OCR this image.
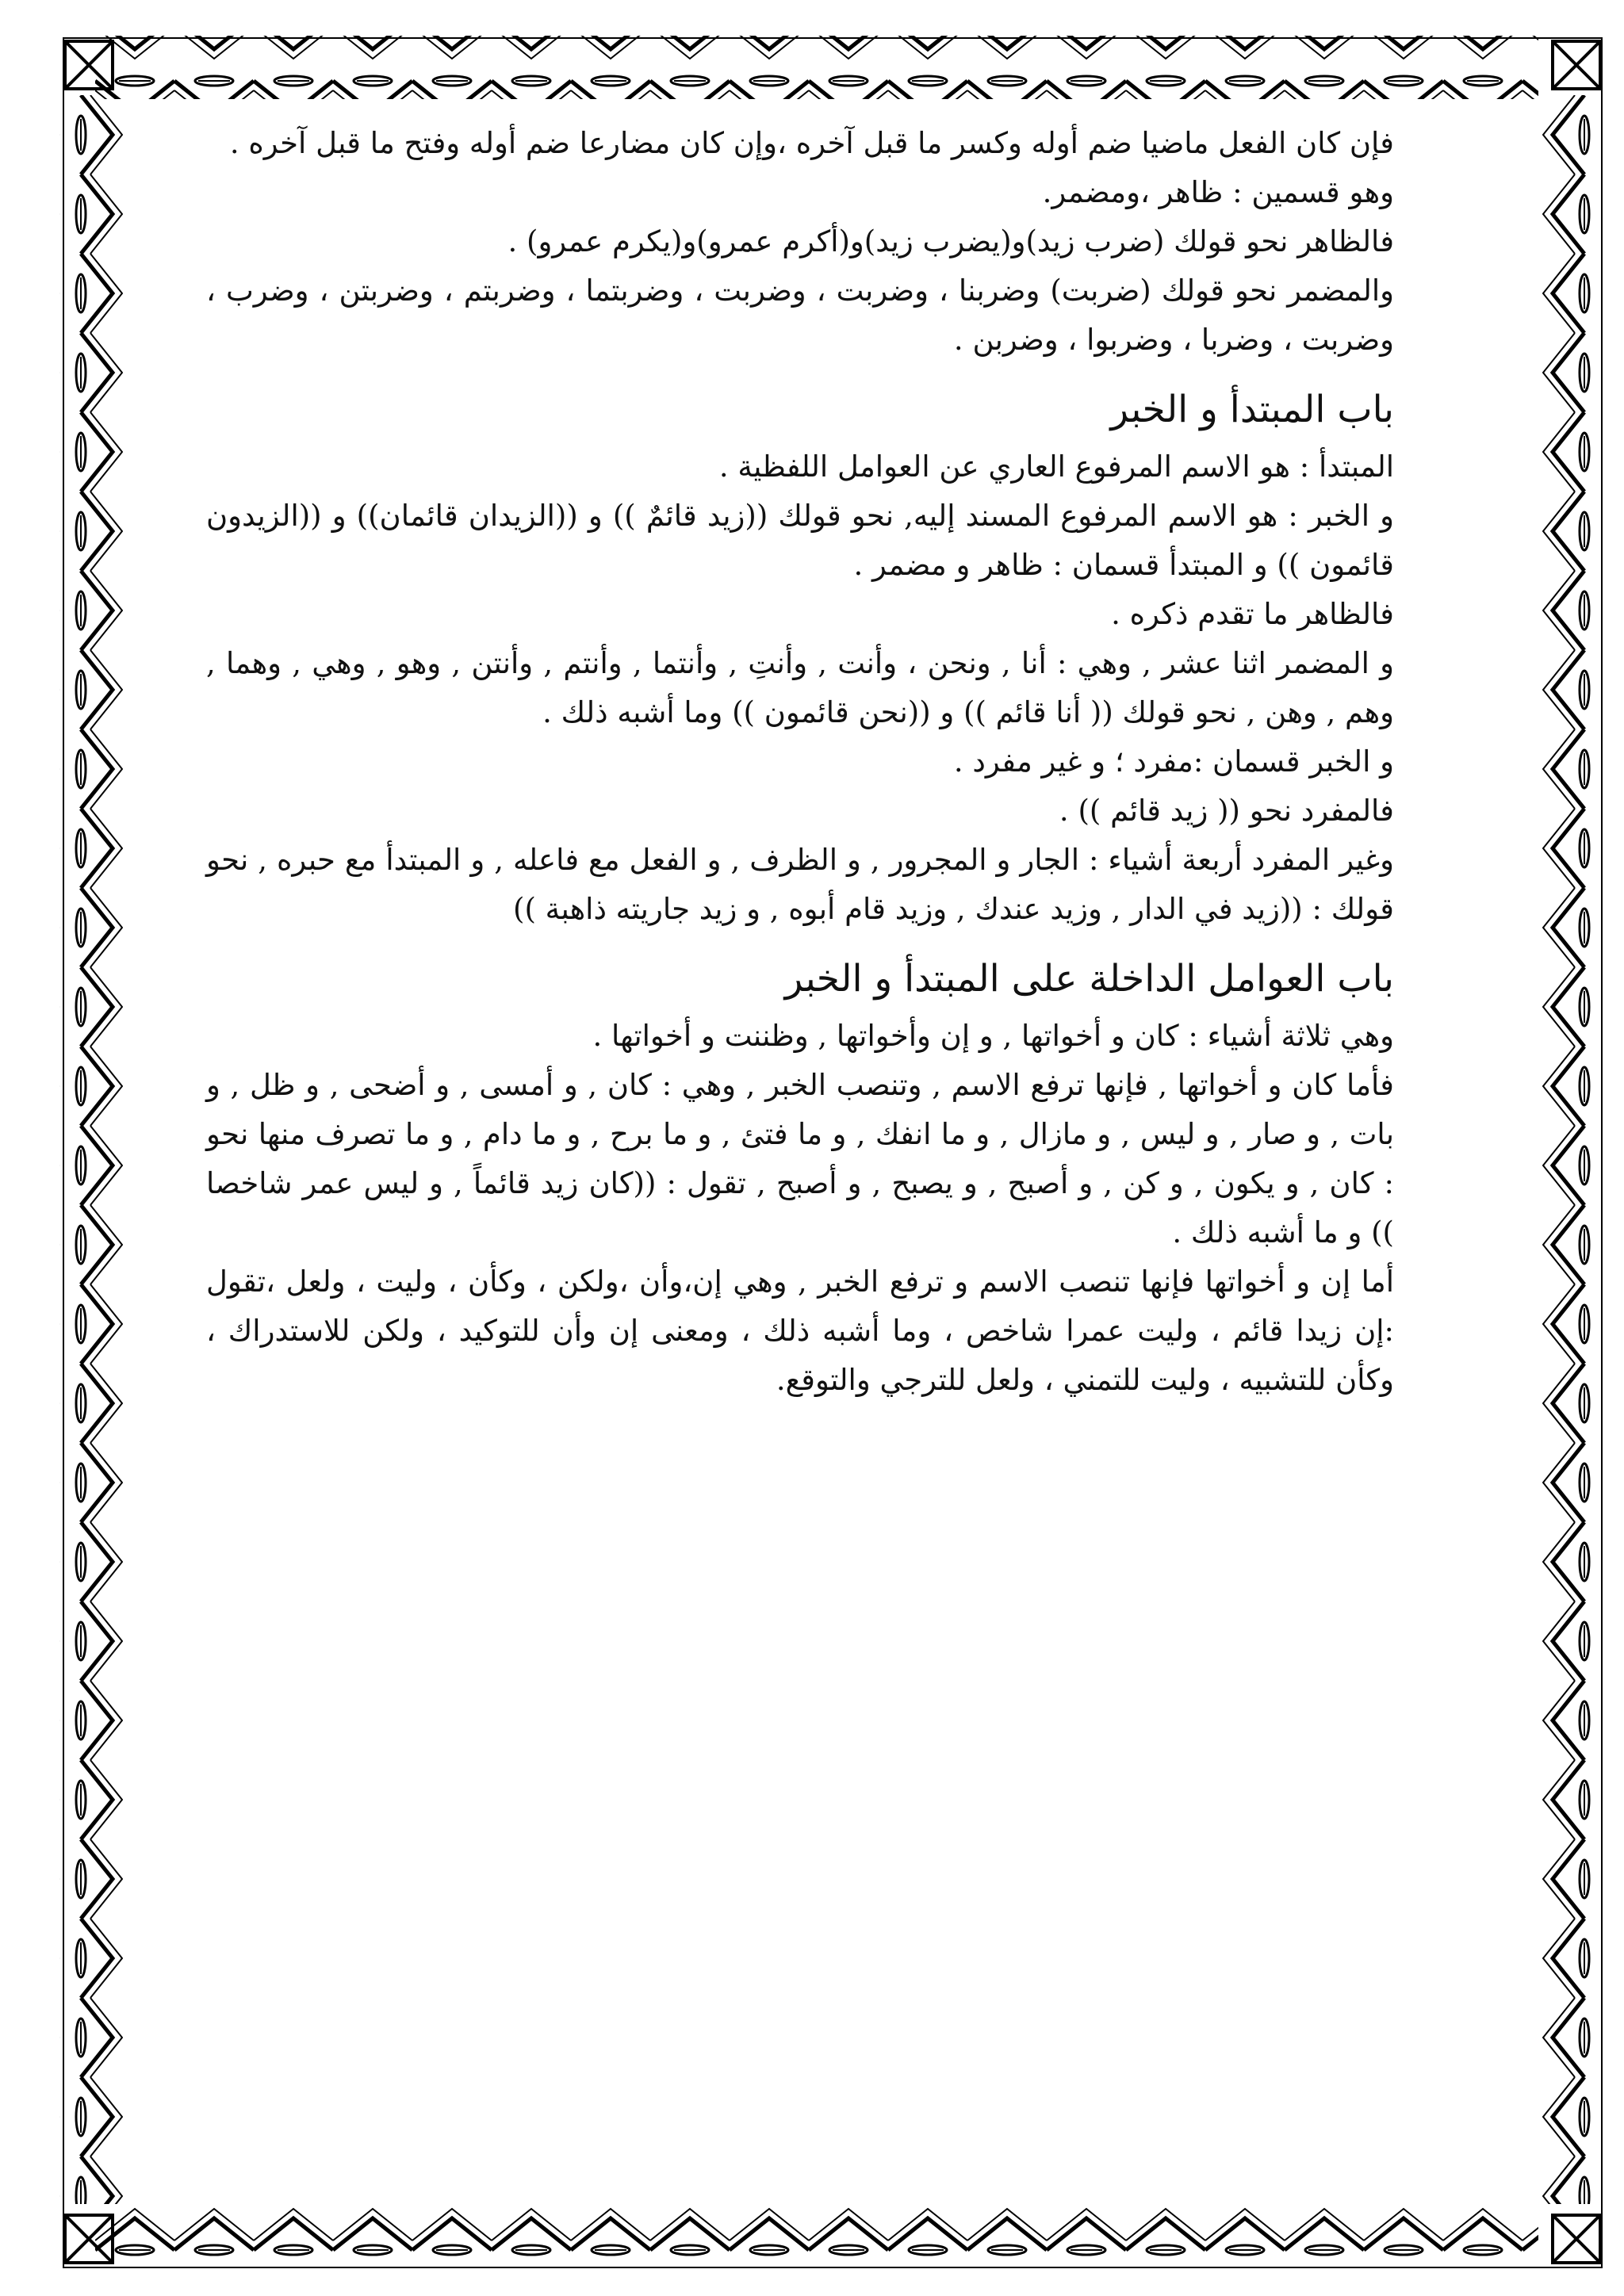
فإن كان الفعل ماضيا ضم أوله وكسر ما قبل آخره ،وإن كان مضارعا ضم أوله وفتح ما قبل آخره .

وهو قسمين : ظاهر ،ومضمر.

فالظاهر نحو قولك (ضرب زيد)و(يضرب زيد)و(أكرم عمرو)و(يكرم عمرو) .

والمضمر نحو قولك (ضربت) وضربنا ، وضربت ، وضربت ، وضربتما ، وضربتم ، وضربتن ، وضرب ، وضربت ، وضربا ، وضربوا ، وضربن .

باب المبتدأ و الخبر

المبتدأ : هو الاسم المرفوع العاري عن العوامل اللفظية .

و الخبر : هو الاسم المرفوع المسند إليه, نحو قولك ((زيد قائمٌ )) و ((الزيدان قائمان)) و ((الزيدون قائمون )) و المبتدأ قسمان : ظاهر و مضمر .

فالظاهر ما تقدم ذكره .

و المضمر اثنا عشر , وهي : أنا , ونحن ، وأنت , وأنتِ , وأنتما , وأنتم , وأنتن , وهو , وهي , وهما , وهم , وهن , نحو قولك (( أنا قائم )) و ((نحن قائمون )) وما أشبه ذلك .

و الخبر قسمان :مفرد ؛ و غير مفرد .

فالمفرد نحو (( زيد قائم )) .

وغير المفرد أربعة أشياء : الجار و المجرور , و الظرف , و الفعل مع فاعله , و المبتدأ مع حبره , نحو قولك : ((زيد في الدار , وزيد عندك , وزيد قام أبوه , و زيد جاريته ذاهبة ))

باب العوامل الداخلة على المبتدأ و الخبر

وهي ثلاثة أشياء : كان و أخواتها , و إن وأخواتها , وظننت و أخواتها .

فأما كان و أخواتها , فإنها ترفع الاسم , وتنصب الخبر , وهي : كان , و أمسى , و أضحى , و ظل , و بات , و صار , و ليس , و مازال , و ما انفك , و ما فتئ , و ما برح , و ما دام , و ما تصرف منها نحو : كان , و يكون , و كن , و أصبح , و يصبح , و أصبح , تقول : ((كان زيد قائماً , و ليس عمر شاخصا )) و ما أشبه ذلك .

أما إن و أخواتها فإنها تنصب الاسم و ترفع الخبر , وهي إن،وأن ،ولكن ، وكأن ، وليت ، ولعل ،تقول :إن زيدا قائم ، وليت عمرا شاخص ، وما أشبه ذلك ، ومعنى إن وأن للتوكيد ، ولكن للاستدراك ، وكأن للتشبيه ، وليت للتمني ، ولعل للترجي والتوقع.
